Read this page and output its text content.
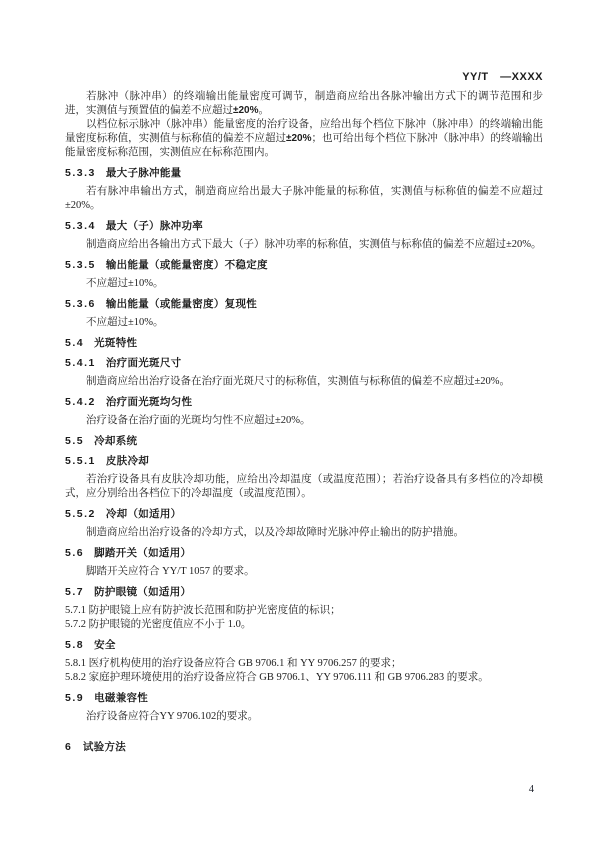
YY/T　—XXXX

若脉冲（脉冲串）的终端输出能量密度可调节，制造商应给出各脉冲输出方式下的调节范围和步进，实测值与预置值的偏差不应超过±20%。

以档位标示脉冲（脉冲串）能量密度的治疗设备，应给出每个档位下脉冲（脉冲串）的终端输出能量密度标称值，实测值与标称值的偏差不应超过±20%；也可给出每个档位下脉冲（脉冲串）的终端输出能量密度标称范围，实测值应在标称范围内。

5.3.3 最大子脉冲能量

若有脉冲串输出方式，制造商应给出最大子脉冲能量的标称值，实测值与标称值的偏差不应超过±20%。

5.3.4 最大（子）脉冲功率

制造商应给出各输出方式下最大（子）脉冲功率的标称值，实测值与标称值的偏差不应超过±20%。

5.3.5 输出能量（或能量密度）不稳定度

不应超过±10%。

5.3.6 输出能量（或能量密度）复现性

不应超过±10%。

5.4 光斑特性
5.4.1 治疗面光斑尺寸

制造商应给出治疗设备在治疗面光斑尺寸的标称值，实测值与标称值的偏差不应超过±20%。

5.4.2 治疗面光斑均匀性

治疗设备在治疗面的光斑均匀性不应超过±20%。

5.5 冷却系统
5.5.1 皮肤冷却

若治疗设备具有皮肤冷却功能，应给出冷却温度（或温度范围）；若治疗设备具有多档位的冷却模式，应分别给出各档位下的冷却温度（或温度范围）。

5.5.2 冷却（如适用）

制造商应给出治疗设备的冷却方式，以及冷却故障时光脉冲停止输出的防护措施。

5.6 脚踏开关（如适用）

脚踏开关应符合 YY/T 1057 的要求。

5.7 防护眼镜（如适用）

5.7.1 防护眼镜上应有防护波长范围和防护光密度值的标识；

5.7.2 防护眼镜的光密度值应不小于 1.0。

5.8 安全

5.8.1 医疗机构使用的治疗设备应符合 GB 9706.1 和 YY 9706.257 的要求；

5.8.2 家庭护理环境使用的治疗设备应符合 GB 9706.1、YY 9706.111 和 GB 9706.283 的要求。

5.9 电磁兼容性

治疗设备应符合YY 9706.102的要求。

6 试验方法
4
